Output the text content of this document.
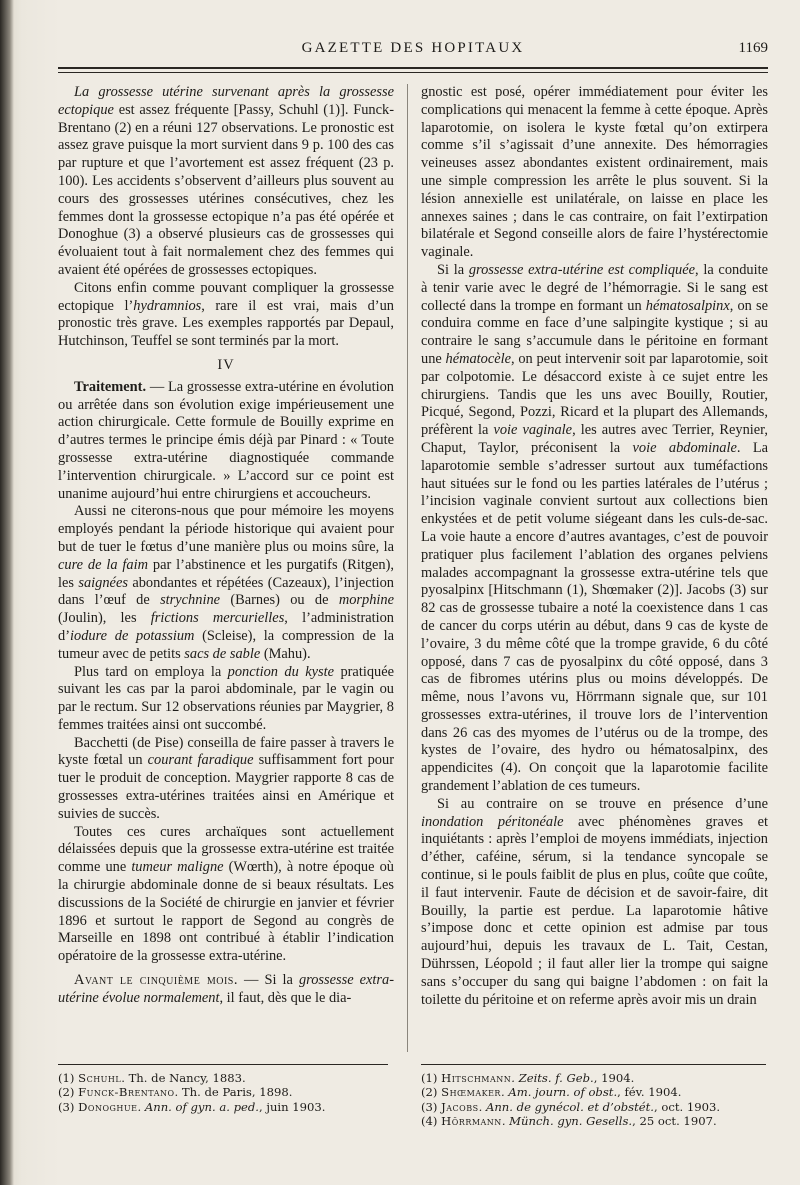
GAZETTE DES HOPITAUX	1169

La grossesse utérine survenant après la grossesse ectopique est assez fréquente [Passy, Schuhl (1)]. Funck-Brentano (2) en a réuni 127 observations. Le pronostic est assez grave puisque la mort survient dans 9 p. 100 des cas par rupture et que l’avortement est assez fréquent (23 p. 100). Les accidents s’observent d’ailleurs plus souvent au cours des grossesses utérines consécutives, chez les femmes dont la grossesse ectopique n’a pas été opérée et Donoghue (3) a observé plusieurs cas de grossesses qui évoluaient tout à fait normalement chez des femmes qui avaient été opérées de grossesses ectopiques.

Citons enfin comme pouvant compliquer la grossesse ectopique l’hydramnios, rare il est vrai, mais d’un pronostic très grave. Les exemples rapportés par Depaul, Hutchinson, Teuffel se sont terminés par la mort.

IV

Traitement. — La grossesse extra-utérine en évolution ou arrêtée dans son évolution exige impérieusement une action chirurgicale. Cette formule de Bouilly exprime en d’autres termes le principe émis déjà par Pinard : « Toute grossesse extra-utérine diagnostiquée commande l’intervention chirurgicale. » L’accord sur ce point est unanime aujourd’hui entre chirurgiens et accoucheurs.

Aussi ne citerons-nous que pour mémoire les moyens employés pendant la période historique qui avaient pour but de tuer le fœtus d’une manière plus ou moins sûre, la cure de la faim par l’abstinence et les purgatifs (Ritgen), les saignées abondantes et répétées (Cazeaux), l’injection dans l’œuf de strychnine (Barnes) ou de morphine (Joulin), les frictions mercurielles, l’administration d’iodure de potassium (Scleise), la compression de la tumeur avec de petits sacs de sable (Mahu).

Plus tard on employa la ponction du kyste pratiquée suivant les cas par la paroi abdominale, par le vagin ou par le rectum. Sur 12 observations réunies par Maygrier, 8 femmes traitées ainsi ont succombé.

Bacchetti (de Pise) conseilla de faire passer à travers le kyste fœtal un courant faradique suffisamment fort pour tuer le produit de conception. Maygrier rapporte 8 cas de grossesses extra-utérines traitées ainsi en Amérique et suivies de succès.

Toutes ces cures archaïques sont actuellement délaissées depuis que la grossesse extra-utérine est traitée comme une tumeur maligne (Wœrth), à notre époque où la chirurgie abdominale donne de si beaux résultats. Les discussions de la Société de chirurgie en janvier et février 1896 et surtout le rapport de Segond au congrès de Marseille en 1898 ont contribué à établir l’indication opératoire de la grossesse extra-utérine.

Avant le cinquième mois. — Si la grossesse extra-utérine évolue normalement, il faut, dès que le dia-

gnostic est posé, opérer immédiatement pour éviter les complications qui menacent la femme à cette époque. Après laparotomie, on isolera le kyste fœtal qu’on extirpera comme s’il s’agissait d’une annexite. Des hémorragies veineuses assez abondantes existent ordinairement, mais une simple compression les arrête le plus souvent. Si la lésion annexielle est unilatérale, on laisse en place les annexes saines ; dans le cas contraire, on fait l’extirpation bilatérale et Segond conseille alors de faire l’hystérectomie vaginale.

Si la grossesse extra-utérine est compliquée, la conduite à tenir varie avec le degré de l’hémorragie. Si le sang est collecté dans la trompe en formant un hématosalpinx, on se conduira comme en face d’une salpingite kystique ; si au contraire le sang s’accumule dans le péritoine en formant une hématocèle, on peut intervenir soit par laparotomie, soit par colpotomie. Le désaccord existe à ce sujet entre les chirurgiens. Tandis que les uns avec Bouilly, Routier, Picqué, Segond, Pozzi, Ricard et la plupart des Allemands, préfèrent la voie vaginale, les autres avec Terrier, Reynier, Chaput, Taylor, préconisent la voie abdominale. La laparotomie semble s’adresser surtout aux tuméfactions haut situées sur le fond ou les parties latérales de l’utérus ; l’incision vaginale convient surtout aux collections bien enkystées et de petit volume siégeant dans les culs-de-sac. La voie haute a encore d’autres avantages, c’est de pouvoir pratiquer plus facilement l’ablation des organes pelviens malades accompagnant la grossesse extra-utérine tels que pyosalpinx [Hitschmann (1), Shœmaker (2)]. Jacobs (3) sur 82 cas de grossesse tubaire a noté la coexistence dans 1 cas de cancer du corps utérin au début, dans 9 cas de kyste de l’ovaire, 3 du même côté que la trompe gravide, 6 du côté opposé, dans 7 cas de pyosalpinx du côté opposé, dans 3 cas de fibromes utérins plus ou moins développés. De même, nous l’avons vu, Hörrmann signale que, sur 101 grossesses extra-utérines, il trouve lors de l’intervention dans 26 cas des myomes de l’utérus ou de la trompe, des kystes de l’ovaire, des hydro ou hématosalpinx, des appendicites (4). On conçoit que la laparotomie facilite grandement l’ablation de ces tumeurs.

Si au contraire on se trouve en présence d’une inondation péritonéale avec phénomènes graves et inquiétants : après l’emploi de moyens immédiats, injection d’éther, caféine, sérum, si la tendance syncopale se continue, si le pouls faiblit de plus en plus, coûte que coûte, il faut intervenir. Faute de décision et de savoir-faire, dit Bouilly, la partie est perdue. La laparotomie hâtive s’impose donc et cette opinion est admise par tous aujourd’hui, depuis les travaux de L. Tait, Cestan, Dührssen, Léopold ; il faut aller lier la trompe qui saigne sans s’occuper du sang qui baigne l’abdomen : on fait la toilette du péritoine et on referme après avoir mis un drain

(1) Schuhl. Th. de Nancy, 1883.
(2) Funck-Brentano. Th. de Paris, 1898.
(3) Donoghue. Ann. of gyn. a. ped., juin 1903.
(1) Hitschmann. Zeits. f. Geb., 1904.
(2) Shœmaker. Am. journ. of obst., fév. 1904.
(3) Jacobs. Ann. de gynécol. et d’obstét., oct. 1903.
(4) Hörrmann. Münch. gyn. Gesells., 25 oct. 1907.
